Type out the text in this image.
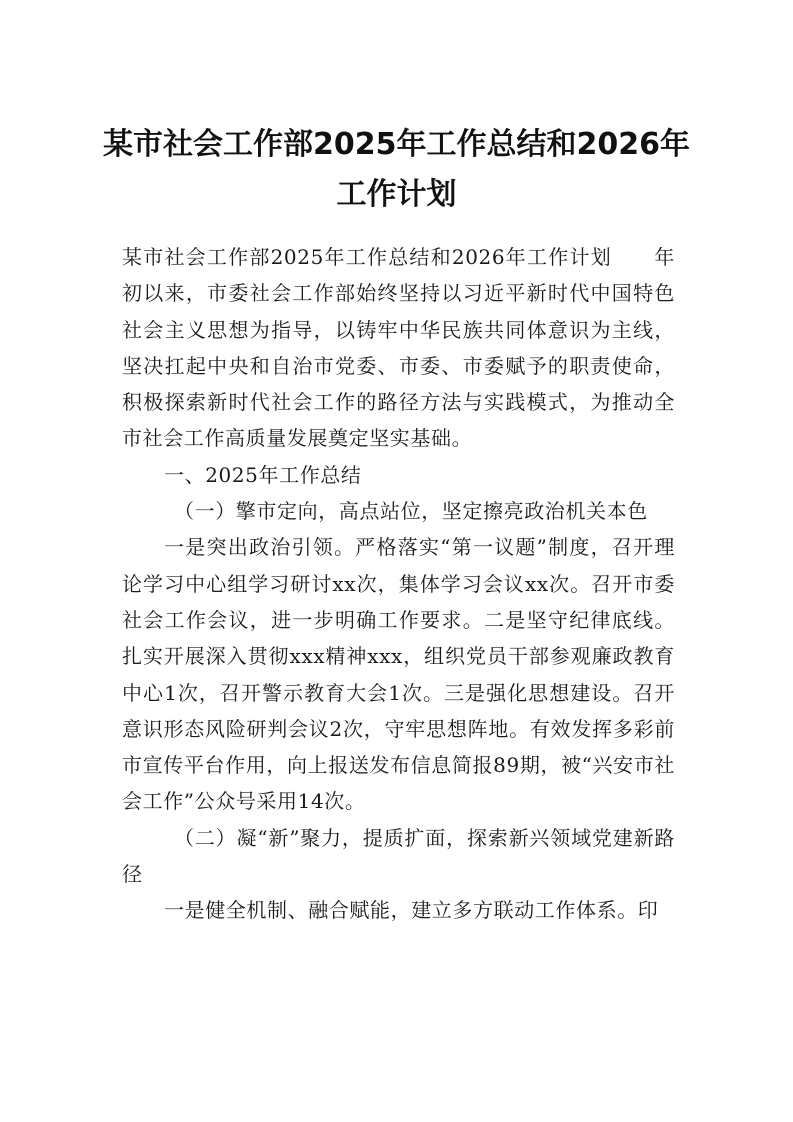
某市社会工作部2025年工作总结和2026年
工作计划

某市社会工作部2025年工作总结和2026年工作计划　　年初以来，市委社会工作部始终坚持以习近平新时代中国特色社会主义思想为指导，以铸牢中华民族共同体意识为主线，坚决扛起中央和自治市党委、市委、市委赋予的职责使命，积极探索新时代社会工作的路径方法与实践模式，为推动全市社会工作高质量发展奠定坚实基础。

一、2025年工作总结

（一）擎市定向，高点站位，坚定擦亮政治机关本色

一是突出政治引领。严格落实“第一议题”制度，召开理论学习中心组学习研讨xx次，集体学习会议xx次。召开市委社会工作会议，进一步明确工作要求。二是坚守纪律底线。扎实开展深入贯彻xxx精神xxx，组织党员干部参观廉政教育中心1次，召开警示教育大会1次。三是强化思想建设。召开意识形态风险研判会议2次，守牢思想阵地。有效发挥多彩前市宣传平台作用，向上报送发布信息简报89期，被“兴安市社会工作”公众号采用14次。

（二）凝“新”聚力，提质扩面，探索新兴领域党建新路径

一是健全机制、融合赋能，建立多方联动工作体系。印
